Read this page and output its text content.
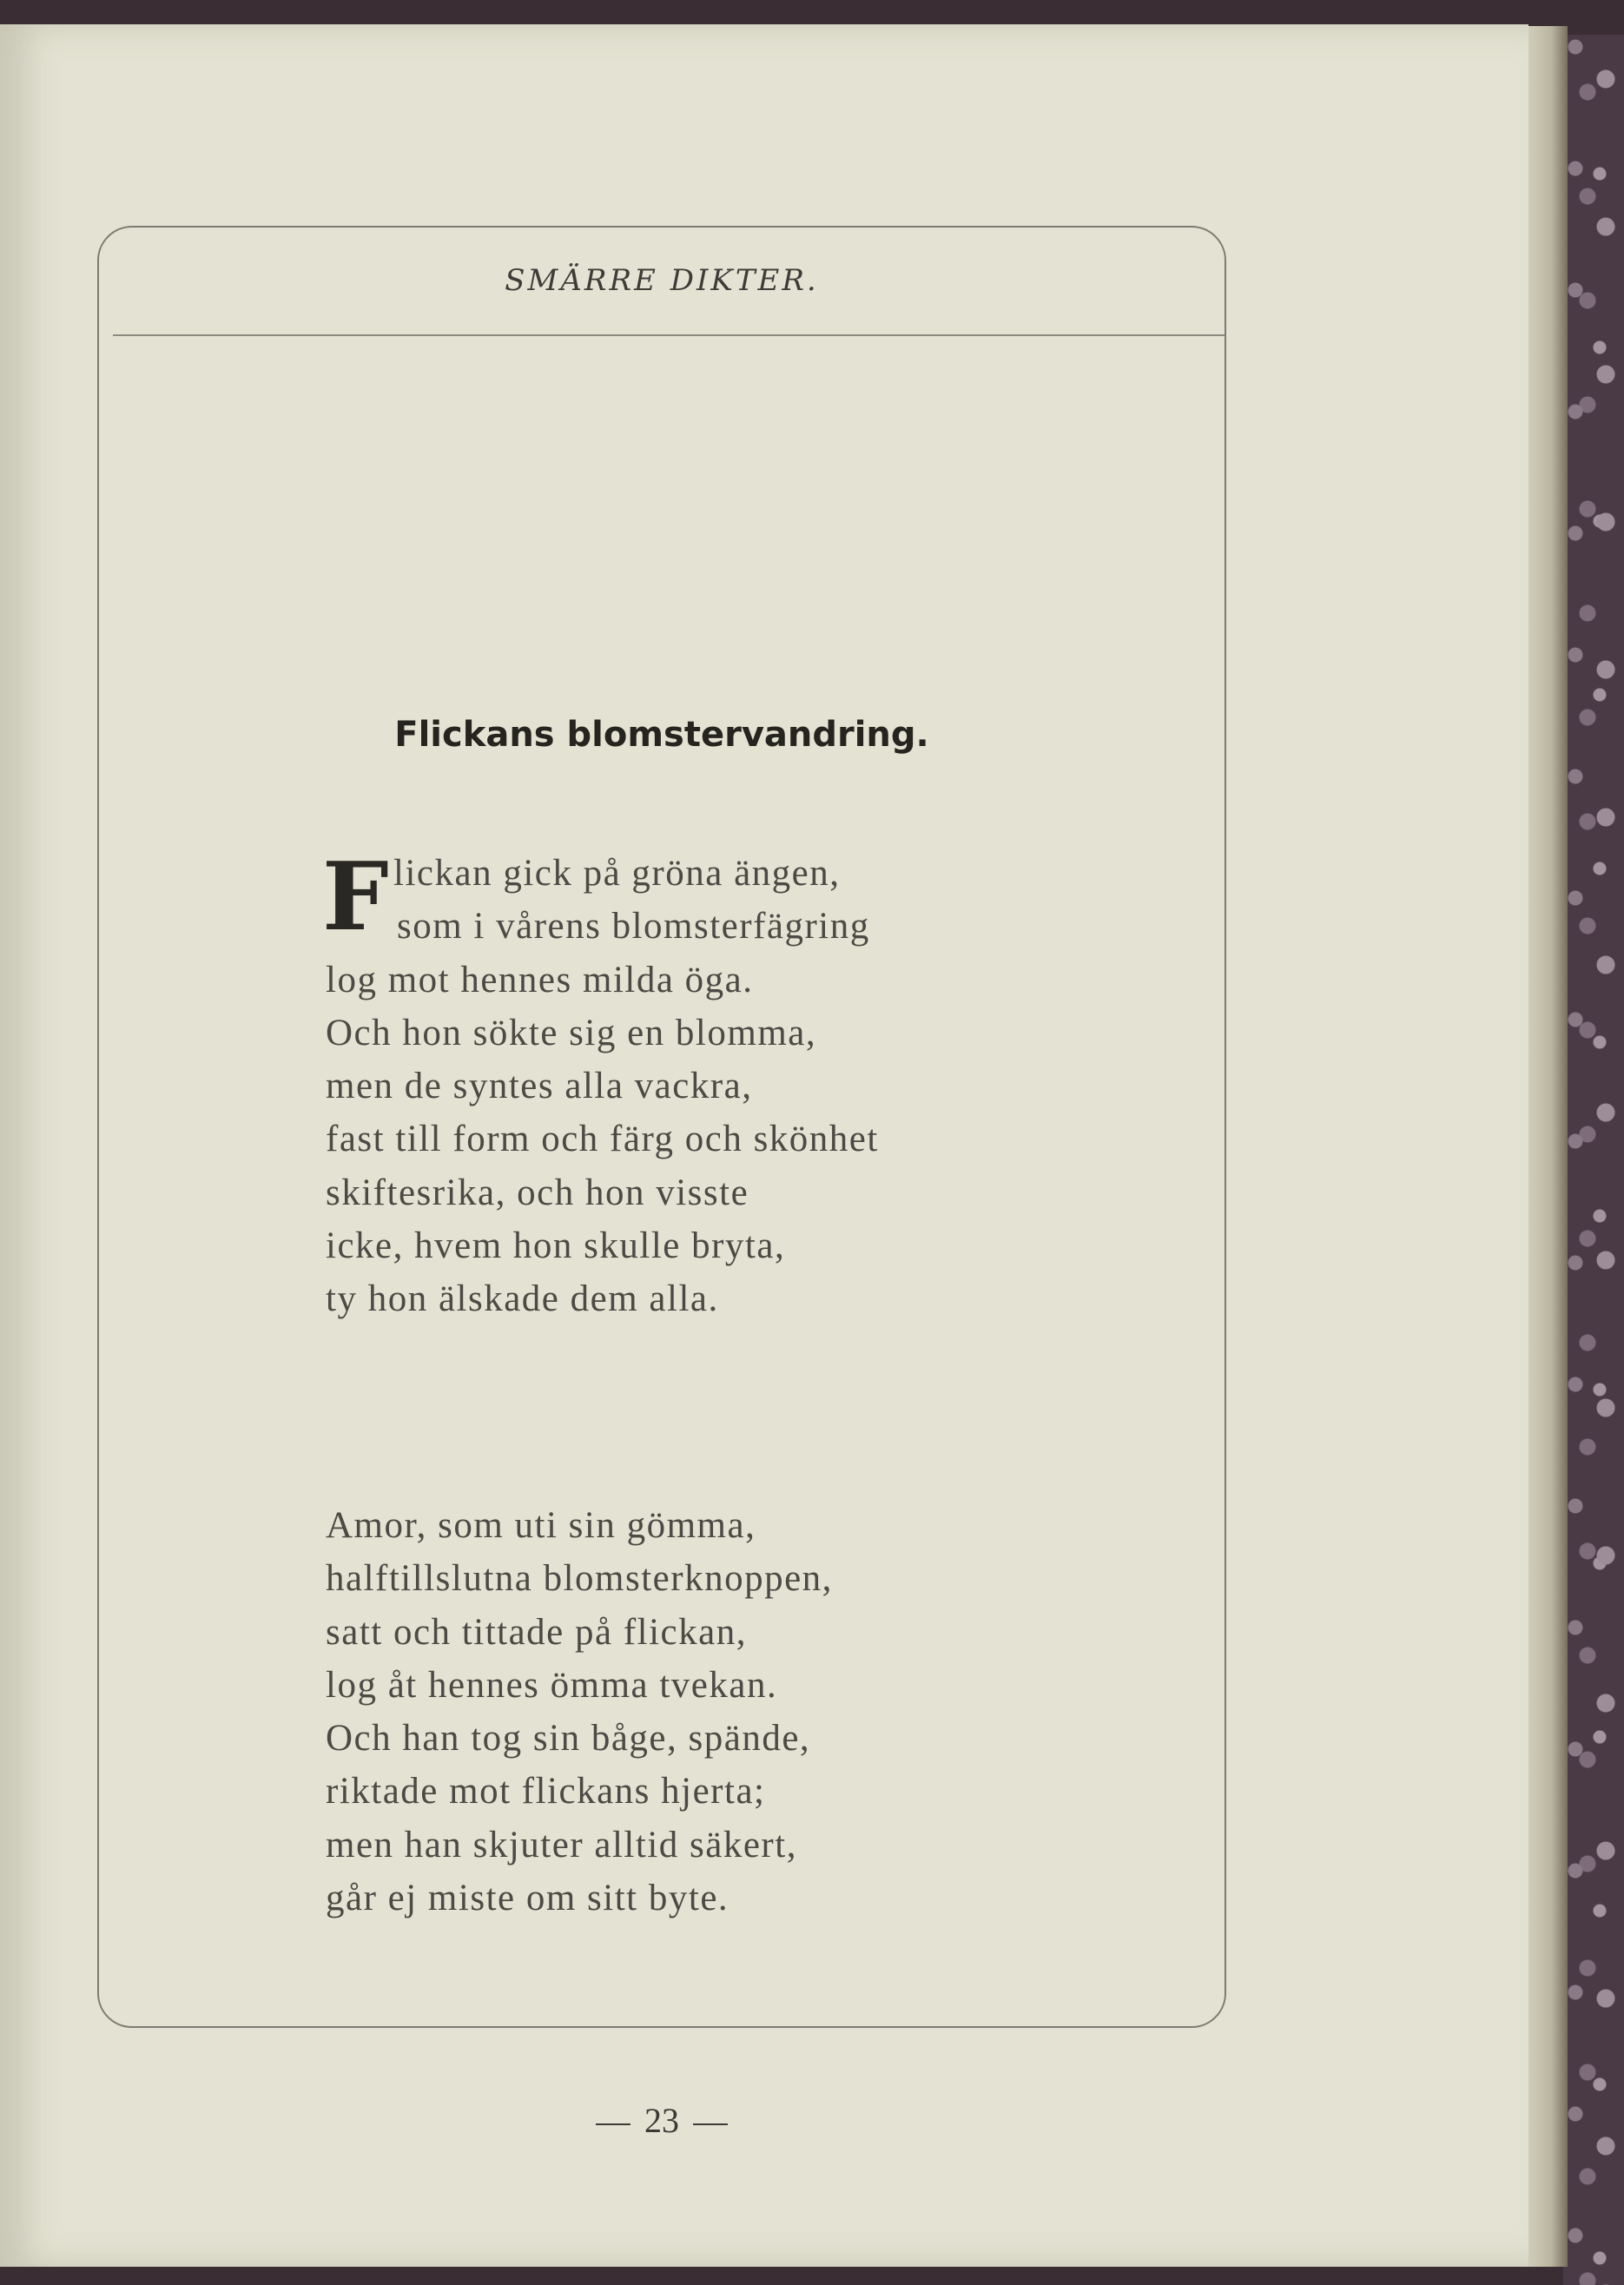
SMÄRRE DIKTER.

Flickans blomstervandring.
F lickan gick på gröna ängen,
som i vårens blomsterfägring
log mot hennes milda öga.
Och hon sökte sig en blomma,
men de syntes alla vackra,
fast till form och färg och skönhet
skiftesrika, och hon visste
icke, hvem hon skulle bryta,
ty hon älskade dem alla.
Amor, som uti sin gömma,
halftillslutna blomsterknoppen,
satt och tittade på flickan,
log åt hennes ömma tvekan.
Och han tog sin båge, spände,
riktade mot flickans hjerta;
men han skjuter alltid säkert,
går ej miste om sitt byte.

23
